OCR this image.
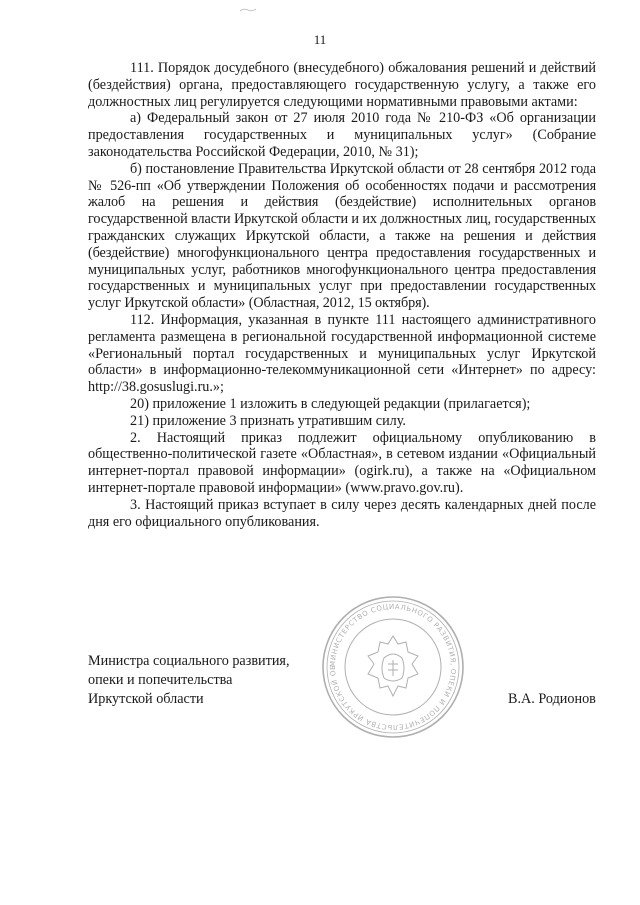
11

111. Порядок досудебного (внесудебного) обжалования решений и действий (бездействия) органа, предоставляющего государственную услугу, а также его должностных лиц регулируется следующими нормативными правовыми актами:

а) Федеральный закон от 27 июля 2010 года № 210-ФЗ «Об организации предоставления государственных и муниципальных услуг» (Собрание законодательства Российской Федерации, 2010, № 31);

б) постановление Правительства Иркутской области от 28 сентября 2012 года № 526-пп «Об утверждении Положения об особенностях подачи и рассмотрения жалоб на решения и действия (бездействие) исполнительных органов государственной власти Иркутской области и их должностных лиц, государственных гражданских служащих Иркутской области, а также на решения и действия (бездействие) многофункционального центра предоставления государственных и муниципальных услуг, работников многофункционального центра предоставления государственных и муниципальных услуг при предоставлении государственных услуг Иркутской области» (Областная, 2012, 15 октября).

112. Информация, указанная в пункте 111 настоящего административного регламента размещена в региональной государственной информационной системе «Региональный портал государственных и муниципальных услуг Иркутской области» в информационно-телекоммуникационной сети «Интернет» по адресу: http://38.gosuslugi.ru.»;

20) приложение 1 изложить в следующей редакции (прилагается);

21) приложение 3 признать утратившим силу.

2. Настоящий приказ подлежит официальному опубликованию в общественно-политической газете «Областная», в сетевом издании «Официальный интернет-портал правовой информации» (ogirk.ru), а также на «Официальном интернет-портале правовой информации» (www.pravo.gov.ru).

3. Настоящий приказ вступает в силу через десять календарных дней после дня его официального опубликования.

МИНИСТЕРСТВО СОЦИАЛЬНОГО РАЗВИТИЯ, ОПЕКИ И ПОПЕЧИТЕЛЬСТВА ИРКУТСКОЙ ОБ
Министра социального развития,
опеки и попечительства
Иркутской области	В.А. Родионов
